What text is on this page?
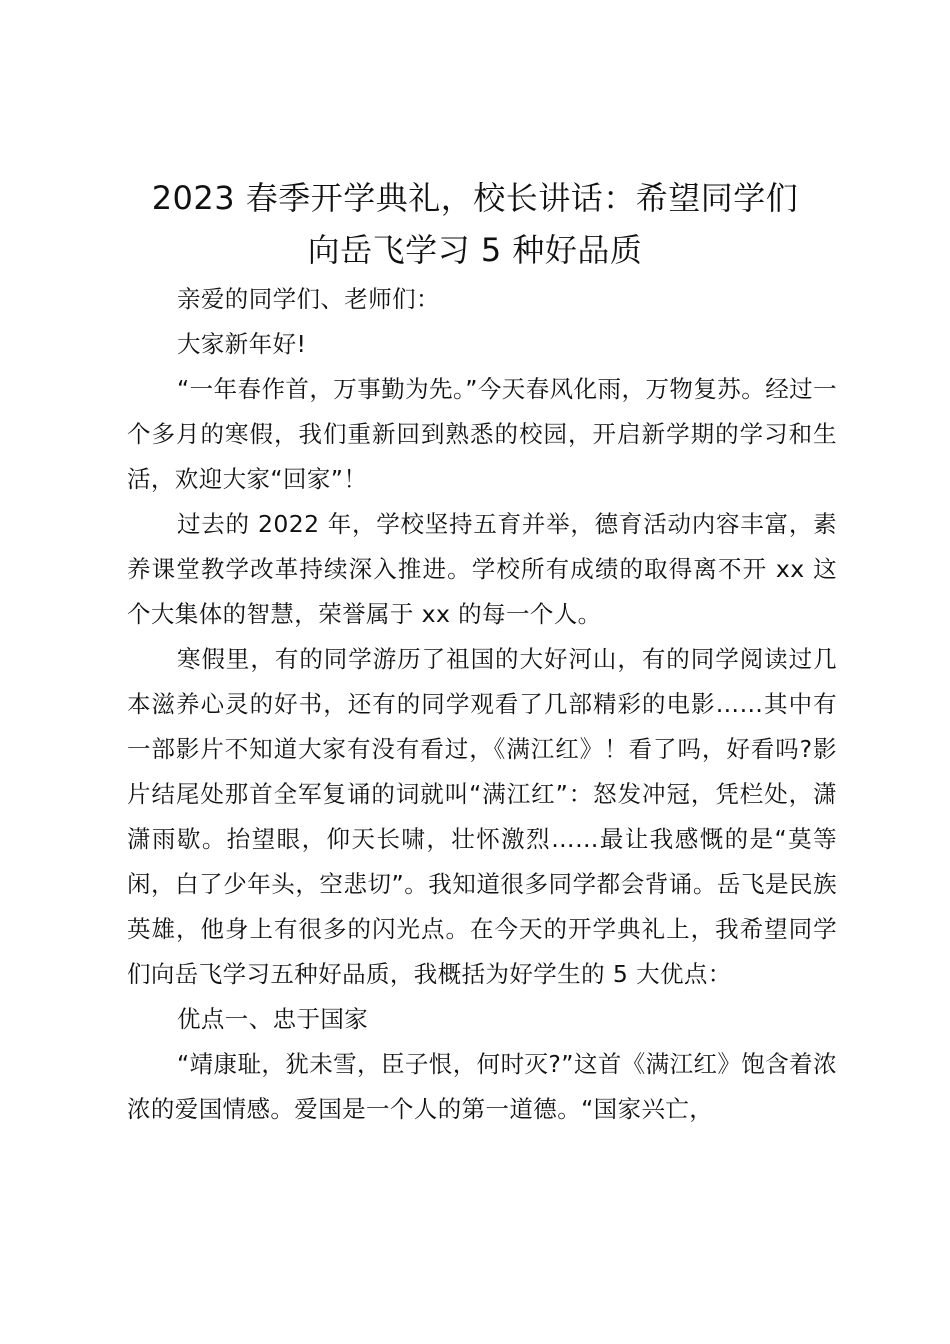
2023 春季开学典礼，校长讲话：希望同学们
向岳飞学习 5 种好品质

亲爱的同学们、老师们：

大家新年好!

“一年春作首，万事勤为先。”今天春风化雨，万物复苏。经过一个多月的寒假，我们重新回到熟悉的校园，开启新学期的学习和生活，欢迎大家“回家”！

过去的 2022 年，学校坚持五育并举，德育活动内容丰富，素养课堂教学改革持续深入推进。学校所有成绩的取得离不开 xx 这个大集体的智慧，荣誉属于 xx 的每一个人。

寒假里，有的同学游历了祖国的大好河山，有的同学阅读过几本滋养心灵的好书，还有的同学观看了几部精彩的电影……其中有一部影片不知道大家有没有看过，《满江红》！看了吗，好看吗?影片结尾处那首全军复诵的词就叫“满江红”：怒发冲冠，凭栏处，潇潇雨歇。抬望眼，仰天长啸，壮怀激烈……最让我感慨的是“莫等闲，白了少年头，空悲切”。我知道很多同学都会背诵。岳飞是民族英雄，他身上有很多的闪光点。在今天的开学典礼上，我希望同学们向岳飞学习五种好品质，我概括为好学生的 5 大优点：

优点一、忠于国家

“靖康耻，犹未雪，臣子恨，何时灭?”这首《满江红》饱含着浓浓的爱国情感。爱国是一个人的第一道德。“国家兴亡，
